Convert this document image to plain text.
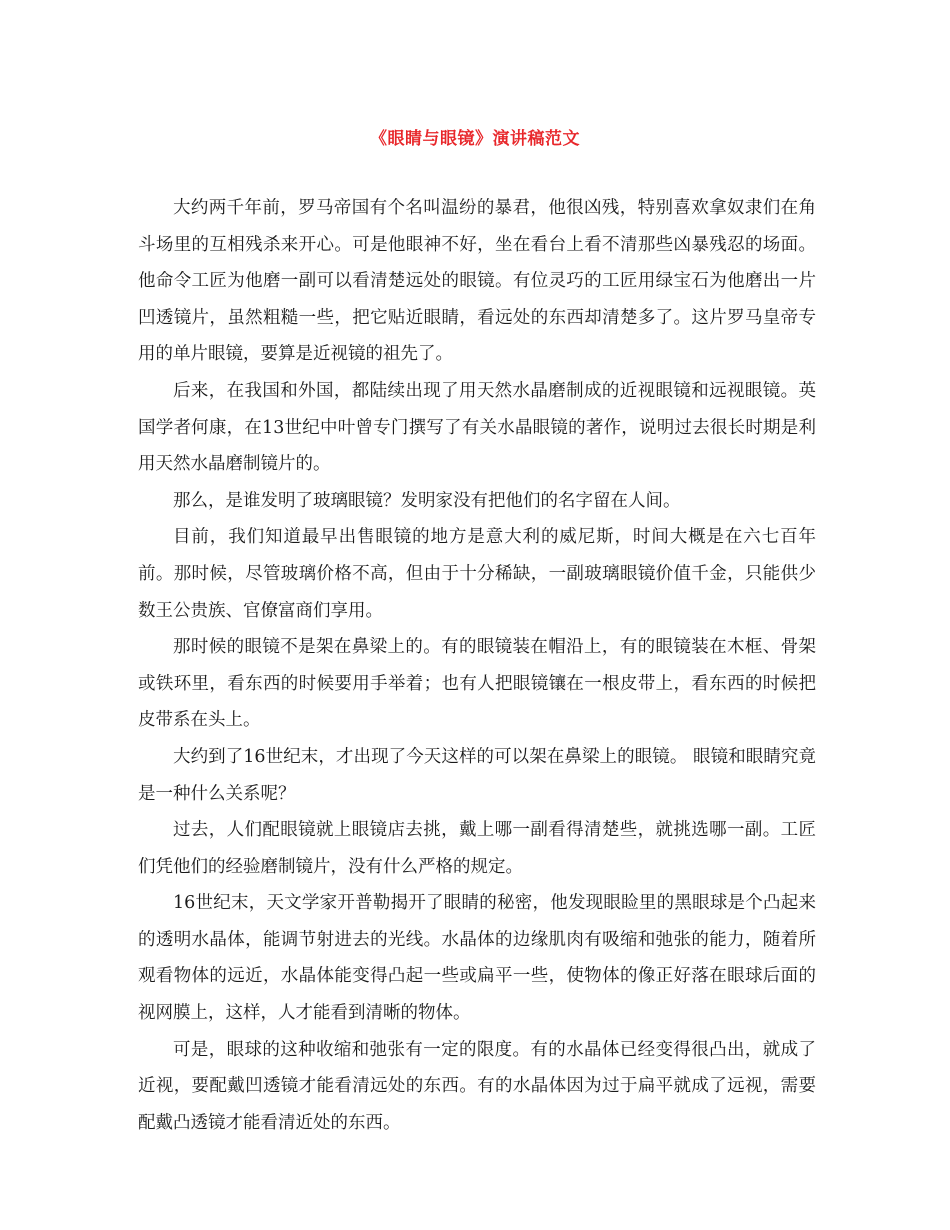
《眼睛与眼镜》演讲稿范文

大约两千年前，罗马帝国有个名叫温纷的暴君，他很凶残，特别喜欢拿奴隶们在角斗场里的互相残杀来开心。可是他眼神不好，坐在看台上看不清那些凶暴残忍的场面。他命令工匠为他磨一副可以看清楚远处的眼镜。有位灵巧的工匠用绿宝石为他磨出一片凹透镜片，虽然粗糙一些，把它贴近眼睛，看远处的东西却清楚多了。这片罗马皇帝专用的单片眼镜，要算是近视镜的祖先了。

后来，在我国和外国，都陆续出现了用天然水晶磨制成的近视眼镜和远视眼镜。英国学者何康，在13世纪中叶曾专门撰写了有关水晶眼镜的著作，说明过去很长时期是利用天然水晶磨制镜片的。

那么，是谁发明了玻璃眼镜？发明家没有把他们的名字留在人间。

目前，我们知道最早出售眼镜的地方是意大利的威尼斯，时间大概是在六七百年前。那时候，尽管玻璃价格不高，但由于十分稀缺，一副玻璃眼镜价值千金，只能供少数王公贵族、官僚富商们享用。

那时候的眼镜不是架在鼻梁上的。有的眼镜装在帽沿上，有的眼镜装在木框、骨架或铁环里，看东西的时候要用手举着；也有人把眼镜镶在一根皮带上，看东西的时候把皮带系在头上。

大约到了16世纪末，才出现了今天这样的可以架在鼻梁上的眼镜。 眼镜和眼睛究竟是一种什么关系呢？

过去，人们配眼镜就上眼镜店去挑，戴上哪一副看得清楚些，就挑选哪一副。工匠们凭他们的经验磨制镜片，没有什么严格的规定。

16世纪末，天文学家开普勒揭开了眼睛的秘密，他发现眼睑里的黑眼球是个凸起来的透明水晶体，能调节射进去的光线。水晶体的边缘肌肉有吸缩和弛张的能力，随着所观看物体的远近，水晶体能变得凸起一些或扁平一些，使物体的像正好落在眼球后面的视网膜上，这样，人才能看到清晰的物体。

可是，眼球的这种收缩和弛张有一定的限度。有的水晶体已经变得很凸出，就成了近视，要配戴凹透镜才能看清远处的东西。有的水晶体因为过于扁平就成了远视，需要配戴凸透镜才能看清近处的东西。
